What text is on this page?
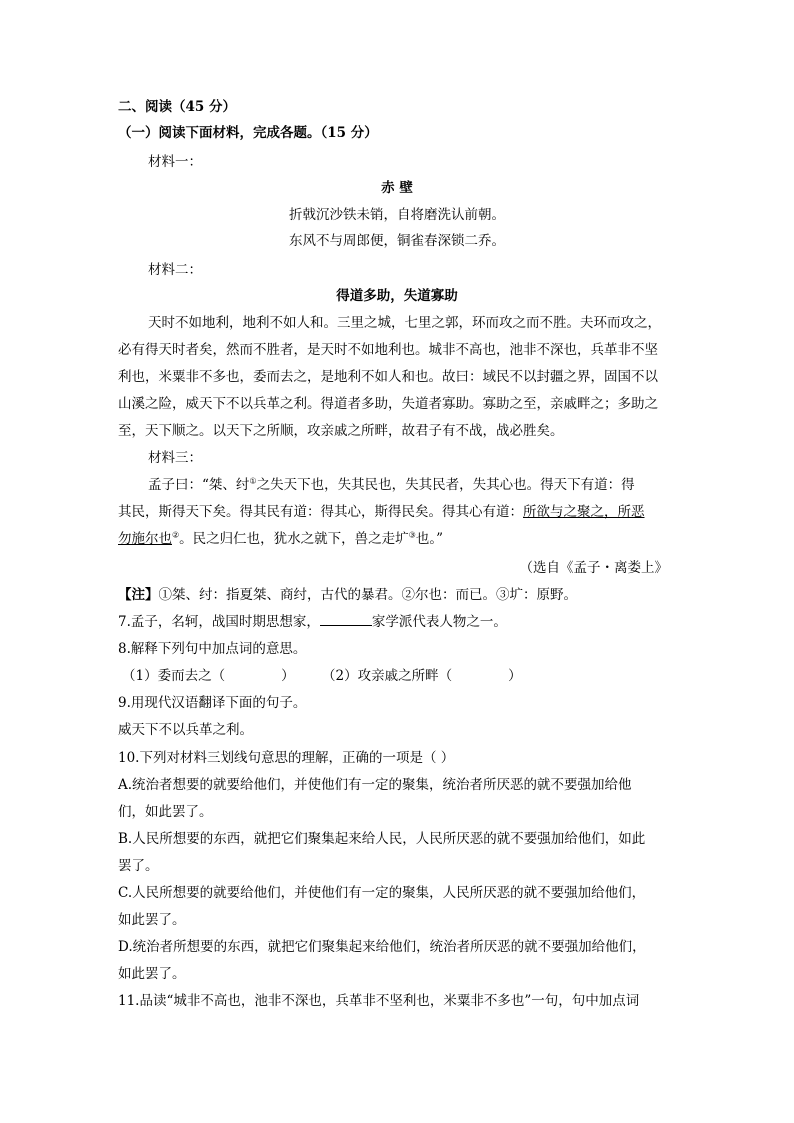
二、阅读（45 分）
（一）阅读下面材料，完成各题。（15 分）
材料一：
赤 壁
折戟沉沙铁未销，自将磨洗认前朝。
东风不与周郎便，铜雀春深锁二乔。
材料二：
得道多助，失道寡助
天时不如地利，地利不如人和。三里之城，七里之郭，环而攻之而不胜。夫环而攻之，
必有得天时者矣，然而不胜者，是天时不如地利也。城非不高也，池非不深也，兵革非不坚
利也，米粟非不多也，委而去之，是地利不如人和也。故曰：域民不以封疆之界，固国不以
山溪之险，威天下不以兵革之利。得道者多助，失道者寡助。寡助之至，亲戚畔之；多助之
至，天下顺之。以天下之所顺，攻亲戚之所畔，故君子有不战，战必胜矣。
材料三：
孟子曰：“桀、纣①之失天下也，失其民也，失其民者，失其心也。得天下有道：得
其民，斯得天下矣。得其民有道：得其心，斯得民矣。得其心有道：所欲与之聚之，所恶
勿施尔也②。民之归仁也，犹水之就下，兽之走圹③也。”
（选自《孟子・离娄上》
【注】①桀、纣：指夏桀、商纣，古代的暴君。②尔也：而已。③圹：原野。
7.孟子，名轲，战国时期思想家，	家学派代表人物之一。
8.解释下列句中加点词的意思。
（1）委而去之（	） （2）攻亲戚之所畔（	）
9.用现代汉语翻译下面的句子。
威天下不以兵革之利。
10.下列对材料三划线句意思的理解，正确的一项是（ ）
A.统治者想要的就要给他们，并使他们有一定的聚集，统治者所厌恶的就不要强加给他
们，如此罢了。
B.人民所想要的东西，就把它们聚集起来给人民，人民所厌恶的就不要强加给他们，如此
罢了。
C.人民所想要的就要给他们，并使他们有一定的聚集，人民所厌恶的就不要强加给他们，
如此罢了。
D.统治者所想要的东西，就把它们聚集起来给他们，统治者所厌恶的就不要强加给他们，
如此罢了。
11.品读“城非不高也，池非不深也，兵革非不坚利也，米粟非不多也”一句，句中加点词
